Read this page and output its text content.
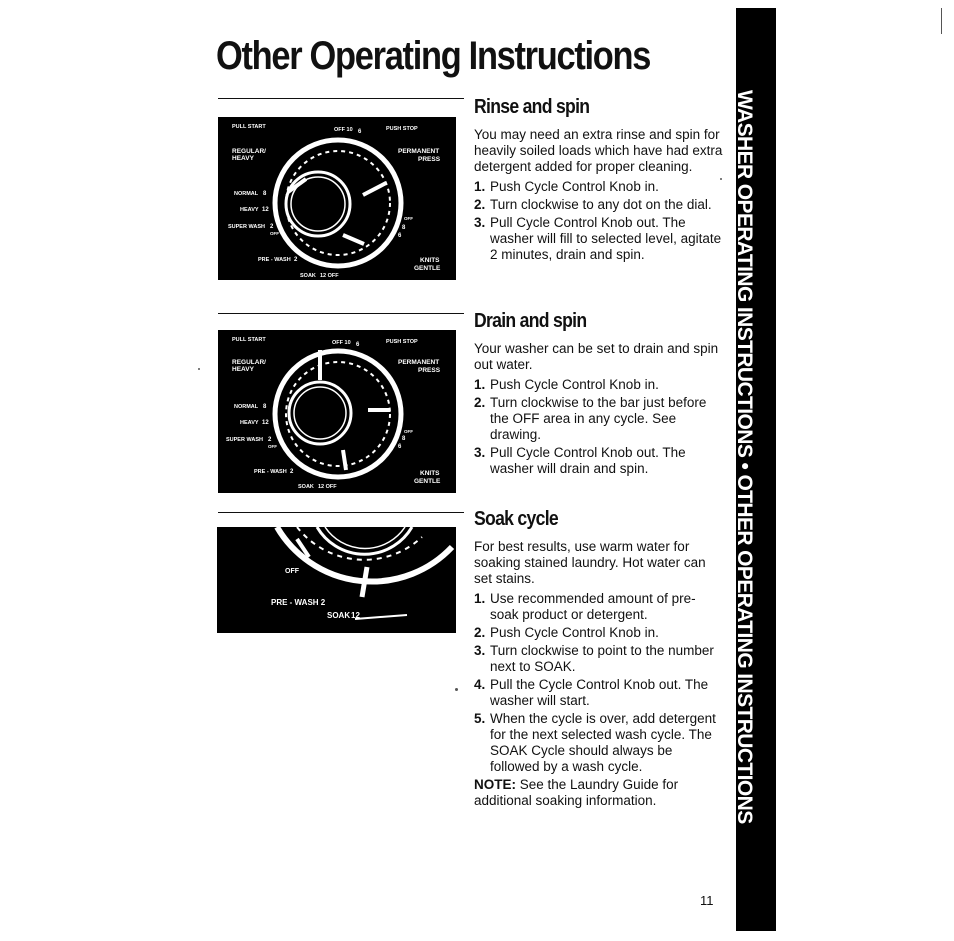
Other Operating Instructions
PULL START	OFF 10 6	PUSH STOP
REGULAR/
HEAVY
PERMANENT
PRESS
NORMAL 8
HEAVY 12
SUPER WASH 2
OFF
OFF
8
6
PRE - WASH 2
SOAK 12 OFF
KNITS
GENTLE
PULL START	OFF 10 6	PUSH STOP
REGULAR/
HEAVY
PERMANENT
PRESS
NORMAL 8
HEAVY 12
SUPER WASH 2
OFF
OFF
8
6
PRE - WASH 2
SOAK 12 OFF
KNITS
GENTLE
OFF
PRE - WASH 2
SOAK 12
Rinse and spin

You may need an extra rinse and spin for heavily soiled loads which have had extra detergent added for proper cleaning.

1. Push Cycle Control Knob in.
2. Turn clockwise to any dot on the dial.
3. Pull Cycle Control Knob out. The washer will fill to selected level, agitate 2 minutes, drain and spin.
Drain and spin

Your washer can be set to drain and spin out water.

1. Push Cycle Control Knob in.
2. Turn clockwise to the bar just before the OFF area in any cycle. See drawing.
3. Pull Cycle Control Knob out. The washer will drain and spin.
Soak cycle

For best results, use warm water for soaking stained laundry. Hot water can set stains.

1. Use recommended amount of pre-soak product or detergent.
2. Push Cycle Control Knob in.
3. Turn clockwise to point to the number next to SOAK.
4. Pull the Cycle Control Knob out. The washer will start.
5. When the cycle is over, add detergent for the next selected wash cycle. The SOAK Cycle should always be followed by a wash cycle.
NOTE: See the Laundry Guide for additional soaking information.	WASHER OPERATING INSTRUCTIONS • OTHER OPERATING INSTRUCTIONS
11
